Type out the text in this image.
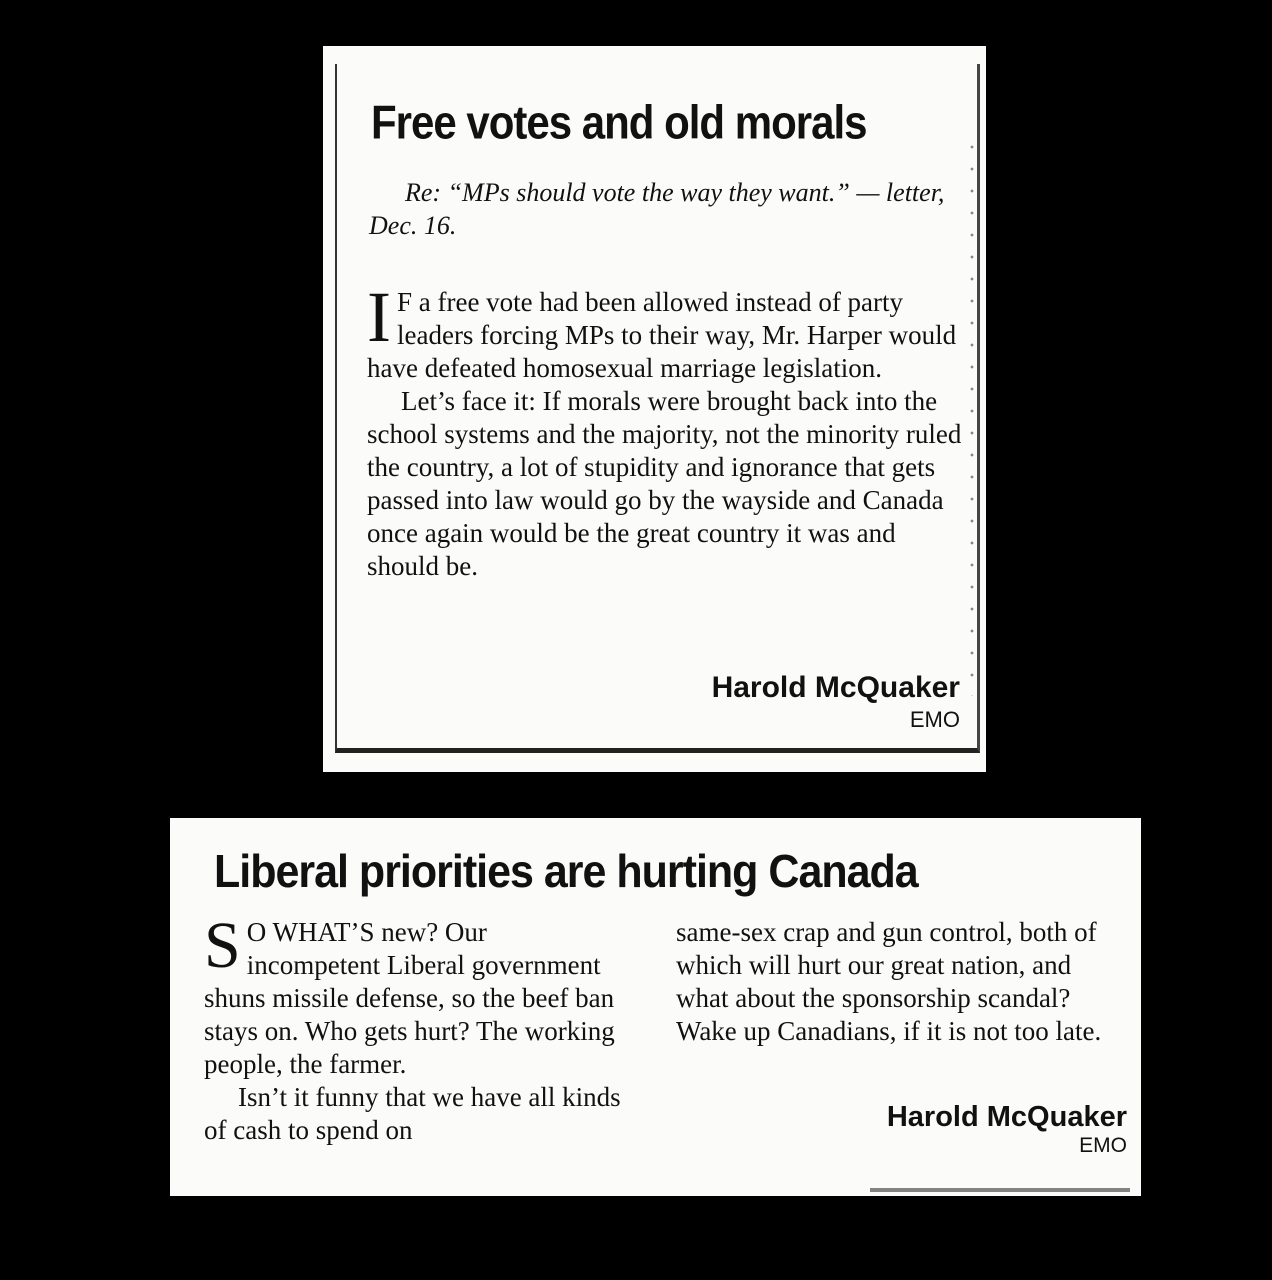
Free votes and old morals

Re: “MPs should vote the way they want.” — letter, Dec. 16.

I F a free vote had been allowed instead of party leaders forcing MPs to their way, Mr. Harper would have defeated homosexual marriage legislation.

Let’s face it: If morals were brought back into the school systems and the majority, not the minority ruled the country, a lot of stupidity and ignorance that gets passed into law would go by the wayside and Canada once again would be the great country it was and should be.

Harold McQuaker
EMO
Liberal priorities are hurting Canada

S O WHAT’S new? Our incompetent Liberal government shuns missile defense, so the beef ban stays on. Who gets hurt? The working people, the farmer.

Isn’t it funny that we have all kinds of cash to spend on

same-sex crap and gun control, both of which will hurt our great nation, and what about the sponsorship scandal? Wake up Canadians, if it is not too late.

Harold McQuaker
EMO
